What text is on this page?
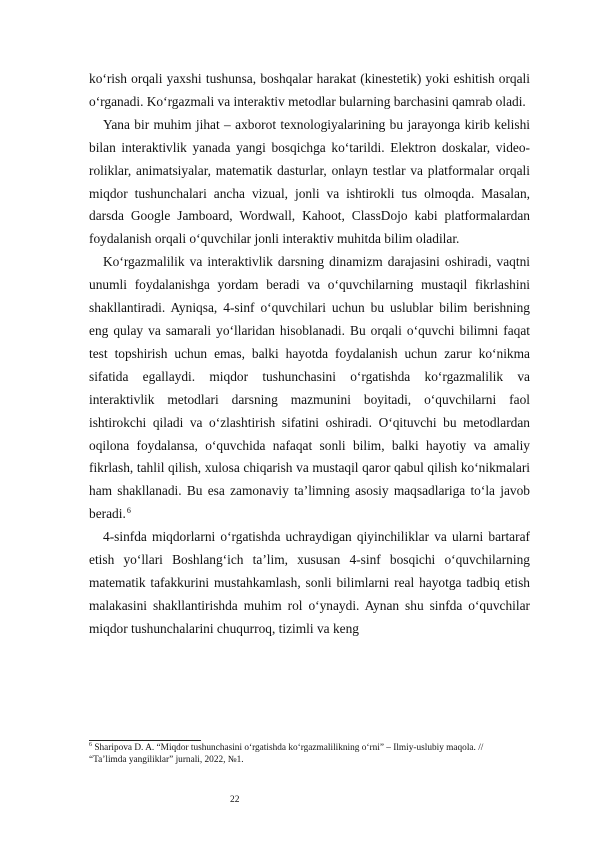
ko‘rish orqali yaxshi tushunsa, boshqalar harakat (kinestetik) yoki eshitish orqali o‘rganadi. Ko‘rgazmali va interaktiv metodlar bularning barchasini qamrab oladi.

Yana bir muhim jihat – axborot texnologiyalarining bu jarayonga kirib kelishi bilan interaktivlik yanada yangi bosqichga ko‘tarildi. Elektron doskalar, video-roliklar, animatsiyalar, matematik dasturlar, onlayn testlar va platformalar orqali miqdor tushunchalari ancha vizual, jonli va ishtirokli tus olmoqda. Masalan, darsda Google Jamboard, Wordwall, Kahoot, ClassDojo kabi platformalardan foydalanish orqali o‘quvchilar jonli interaktiv muhitda bilim oladilar.

Ko‘rgazmalilik va interaktivlik darsning dinamizm darajasini oshiradi, vaqtni unumli foydalanishga yordam beradi va o‘quvchilarning mustaqil fikrlashini shakllantiradi. Ayniqsa, 4-sinf o‘quvchilari uchun bu uslublar bilim berishning eng qulay va samarali yo‘llaridan hisoblanadi. Bu orqali o‘quvchi bilimni faqat test topshirish uchun emas, balki hayotda foydalanish uchun zarur ko‘nikma sifatida egallaydi. miqdor tushunchasini o‘rgatishda ko‘rgazmalilik va interaktivlik metodlari darsning mazmunini boyitadi, o‘quvchilarni faol ishtirokchi qiladi va o‘zlashtirish sifatini oshiradi. O‘qituvchi bu metodlardan oqilona foydalansa, o‘quvchida nafaqat sonli bilim, balki hayotiy va amaliy fikrlash, tahlil qilish, xulosa chiqarish va mustaqil qaror qabul qilish ko‘nikmalari ham shakllanadi. Bu esa zamonaviy ta’limning asosiy maqsadlariga to‘la javob beradi.$^6$

4-sinfda miqdorlarni o‘rgatishda uchraydigan qiyinchiliklar va ularni bartaraf etish yo‘llari Boshlang‘ich ta’lim, xususan 4-sinf bosqichi o‘quvchilarning matematik tafakkurini mustahkamlash, sonli bilimlarni real hayotga tadbiq etish malakasini shakllantirishda muhim rol o‘ynaydi. Aynan shu sinfda o‘quvchilar miqdor tushunchalarini chuqurroq, tizimli va keng

$^6$ Sharipova D. A. “Miqdor tushunchasini o‘rgatishda ko‘rgazmalilikning o‘rni” – Ilmiy-uslubiy maqola. // “Ta’limda yangiliklar” jurnali, 2022, №1.
22
